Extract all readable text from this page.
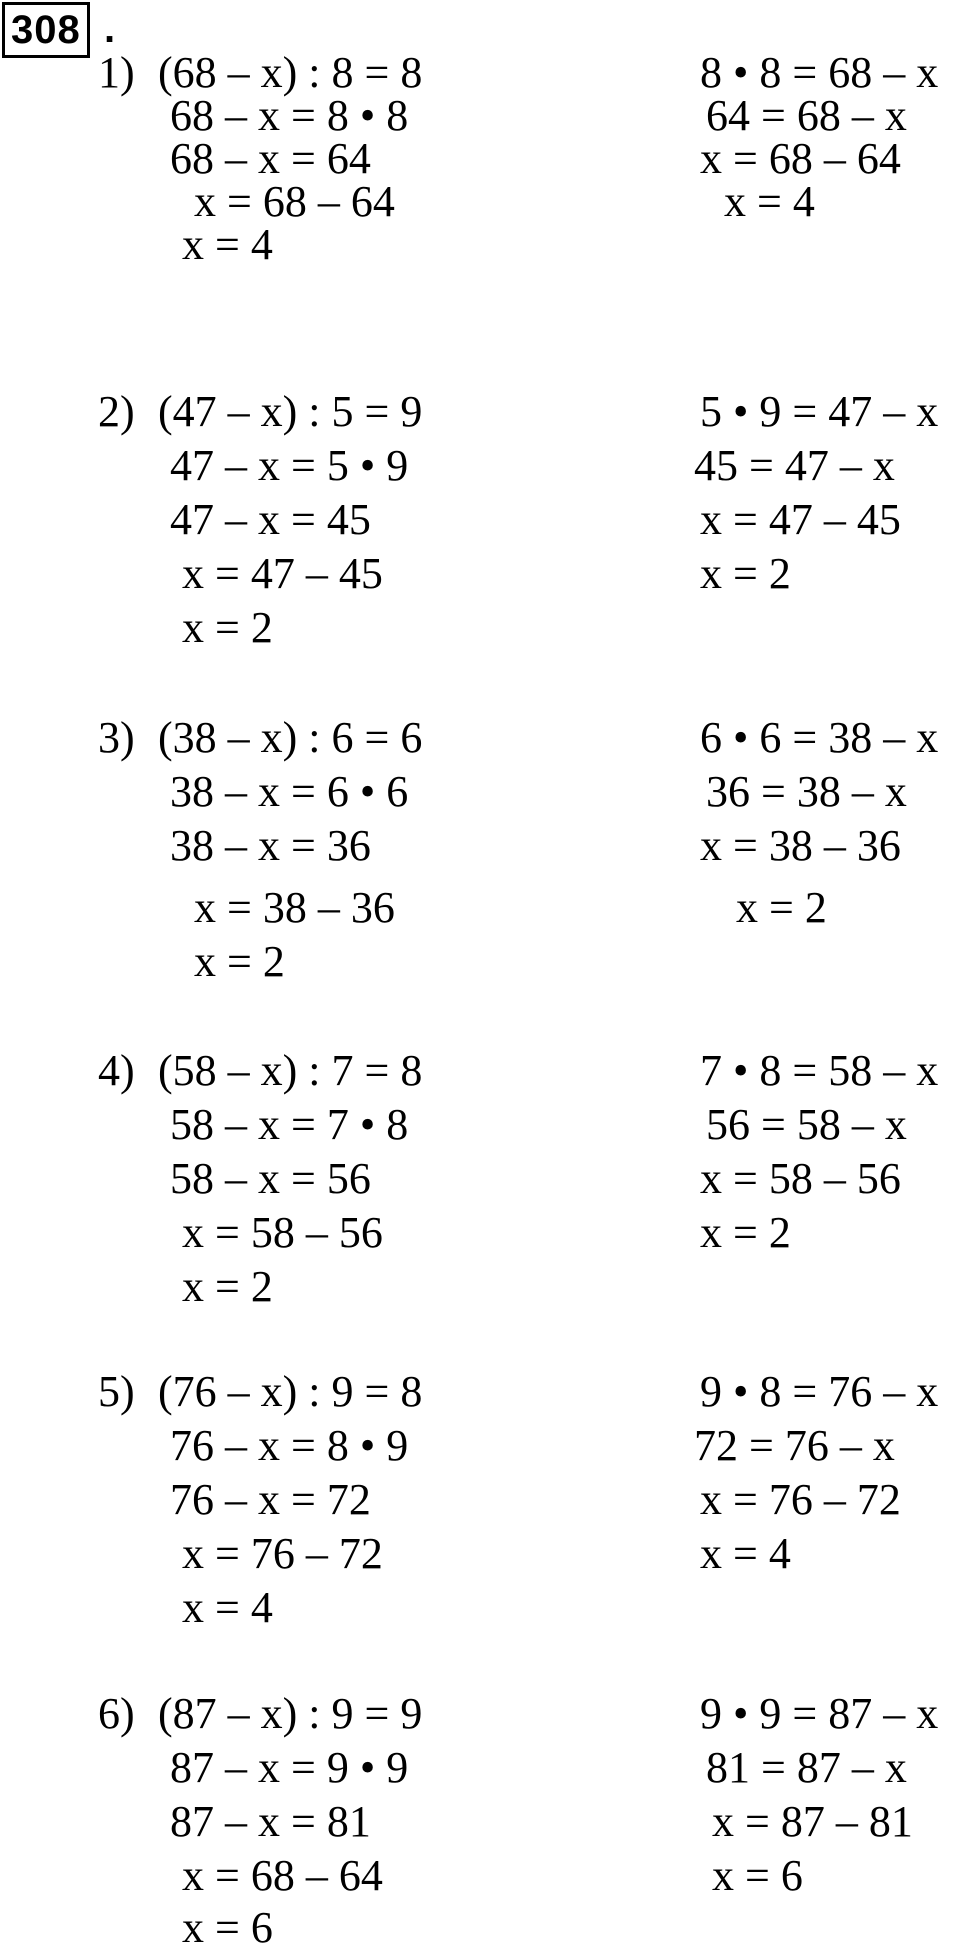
308 .
1) (68 – x) : 8 = 8
68 – x = 8 • 8
68 – x = 64
x = 68 – 64
x = 4
8 • 8 = 68 – x
64 = 68 – x
x = 68 – 64
x = 4
2) (47 – x) : 5 = 9
47 – x = 5 • 9
47 – x = 45
x = 47 – 45
x = 2
5 • 9 = 47 – x
45 = 47 – x
x = 47 – 45
x = 2
3) (38 – x) : 6 = 6
38 – x = 6 • 6
38 – x = 36
x = 38 – 36
x = 2
6 • 6 = 38 – x
36 = 38 – x
x = 38 – 36
x = 2
4) (58 – x) : 7 = 8
58 – x = 7 • 8
58 – x = 56
x = 58 – 56
x = 2
7 • 8 = 58 – x
56 = 58 – x
x = 58 – 56
x = 2
5) (76 – x) : 9 = 8
76 – x = 8 • 9
76 – x = 72
x = 76 – 72
x = 4
9 • 8 = 76 – x
72 = 76 – x
x = 76 – 72
x = 4
6) (87 – x) : 9 = 9
87 – x = 9 • 9
87 – x = 81
x = 68 – 64
x = 6
9 • 9 = 87 – x
81 = 87 – x
x = 87 – 81
x = 6
